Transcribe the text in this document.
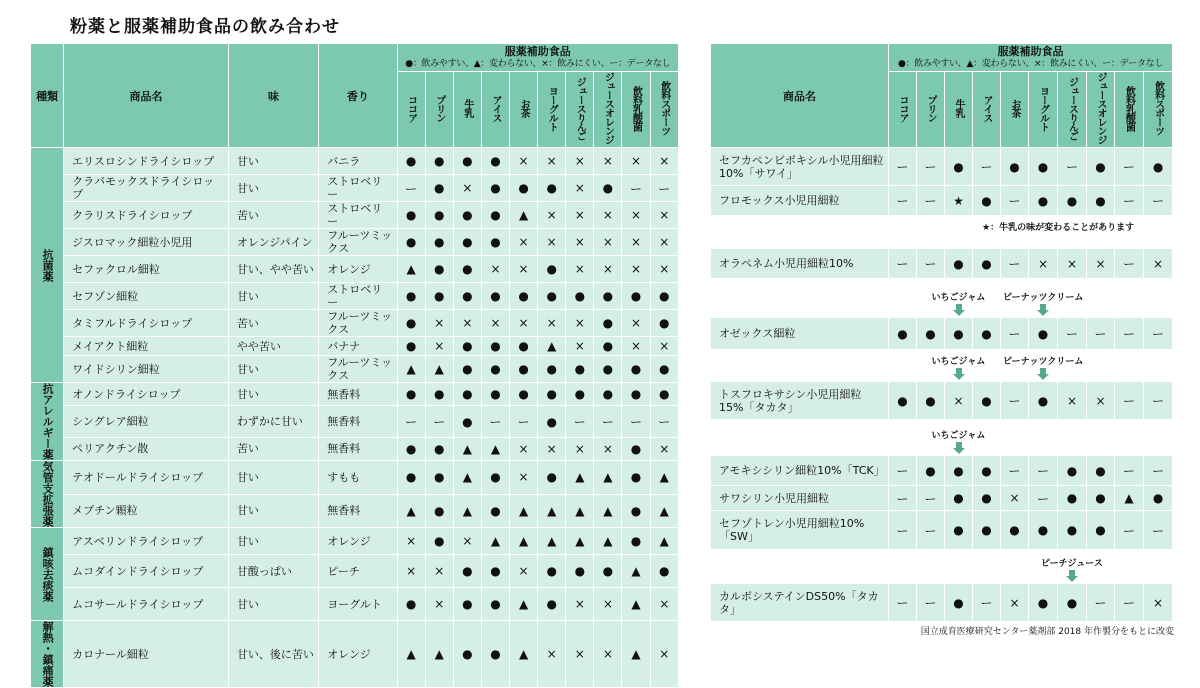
粉薬と服薬補助食品の飲み合わせ
種類	商品名	味	香り	服薬補助食品
●：飲みやすい、▲：変わらない、×：飲みにくい、ー：データなし									

				ココア	プリン	牛乳	アイス	お茶	ヨーグルト	ジュースりんご	ジュースオレンジ	飲料乳酸菌	飲料スポーツ

抗菌薬	エリスロシンドライシロップ	甘い	バニラ	●	●	●	●	×	×	×	×	×	×
	クラバモックスドライシロップ	甘い	ストロベリー	ー	●	×	●	●	●	×	●	ー	ー
	クラリスドライシロップ	苦い	ストロベリー	●	●	●	●	▲	×	×	×	×	×
	ジスロマック細粒小児用	オレンジパイン	フルーツミックス	●	●	●	●	×	×	×	×	×	×
	セファクロル細粒	甘い、やや苦い	オレンジ	▲	●	●	×	×	●	×	×	×	×
	セフゾン細粒	甘い	ストロベリー	●	●	●	●	●	●	●	●	●	●
	タミフルドライシロップ	苦い	フルーツミックス	●	×	×	×	×	×	×	●	×	●
	メイアクト細粒	やや苦い	バナナ	●	×	●	●	●	▲	×	●	×	×
	ワイドシリン細粒	甘い	フルーツミックス	▲	▲	●	●	●	●	●	●	●	●

抗アレルギー薬	オノンドライシロップ	甘い	無香料	●	●	●	●	●	●	●	●	●	●
	シングレア細粒	わずかに甘い	無香料	ー	ー	●	ー	ー	●	ー	ー	ー	ー
	ペリアクチン散	苦い	無香料	●	●	▲	▲	×	×	×	×	●	×

気管支拡張薬	テオドールドライシロップ	甘い	すもも	●	●	▲	●	×	●	▲	▲	●	▲
	メプチン顆粒	甘い	無香料	▲	●	▲	●	▲	▲	▲	▲	●	▲

鎮咳去痰薬	アスベリンドライシロップ	甘い	オレンジ	×	●	×	▲	▲	▲	▲	▲	●	▲
	ムコダインドライシロップ	甘酸っぱい	ピーチ	×	×	●	●	×	●	●	●	▲	●
	ムコサールドライシロップ	甘い	ヨーグルト	●	×	●	●	▲	●	×	×	▲	×

解熱・鎮痛薬	カロナール細粒	甘い、後に苦い	オレンジ	▲	▲	●	●	▲	×	×	×	▲	×
商品名	服薬補助食品
●：飲みやすい、▲：変わらない、×：飲みにくい、ー：データなし									

	ココア	プリン	牛乳	アイス	お茶	ヨーグルト	ジュースりんご	ジュースオレンジ	飲料乳酸菌	飲料スポーツ
セフカペンピボキシル小児用細粒10%「サワイ」	ー	ー	●	ー	●	●	ー	●	ー	●
フロモックス小児用細粒	ー	ー	★	●	ー	●	●	●	ー	ー

オラペネム小児用細粒10%	ー	ー	●	●	ー	×	×	×	ー	×

オゼックス細粒	●	●	●	●	ー	●	ー	ー	ー	ー

トスフロキサシン小児用細粒15%「タカタ」	●	●	×	●	ー	●	×	×	ー	ー

アモキシシリン細粒10%「TCK」	ー	●	●	●	ー	ー	●	●	ー	ー
サワシリン小児用細粒	ー	ー	●	●	×	ー	●	●	▲	●
セフゾトレン小児用細粒10%「SW」	ー	ー	●	●	●	●	●	●	ー	ー

カルボシステインDS50%「タカタ」	ー	ー	●	ー	×	●	●	ー	ー	×
★：牛乳の味が変わることがあります
いちごジャム ピーナッツクリーム
いちごジャム ピーナッツクリーム
いちごジャム
ピーチジュース
国立成育医療研究センター薬剤部 2018 年作製分をもとに改変
